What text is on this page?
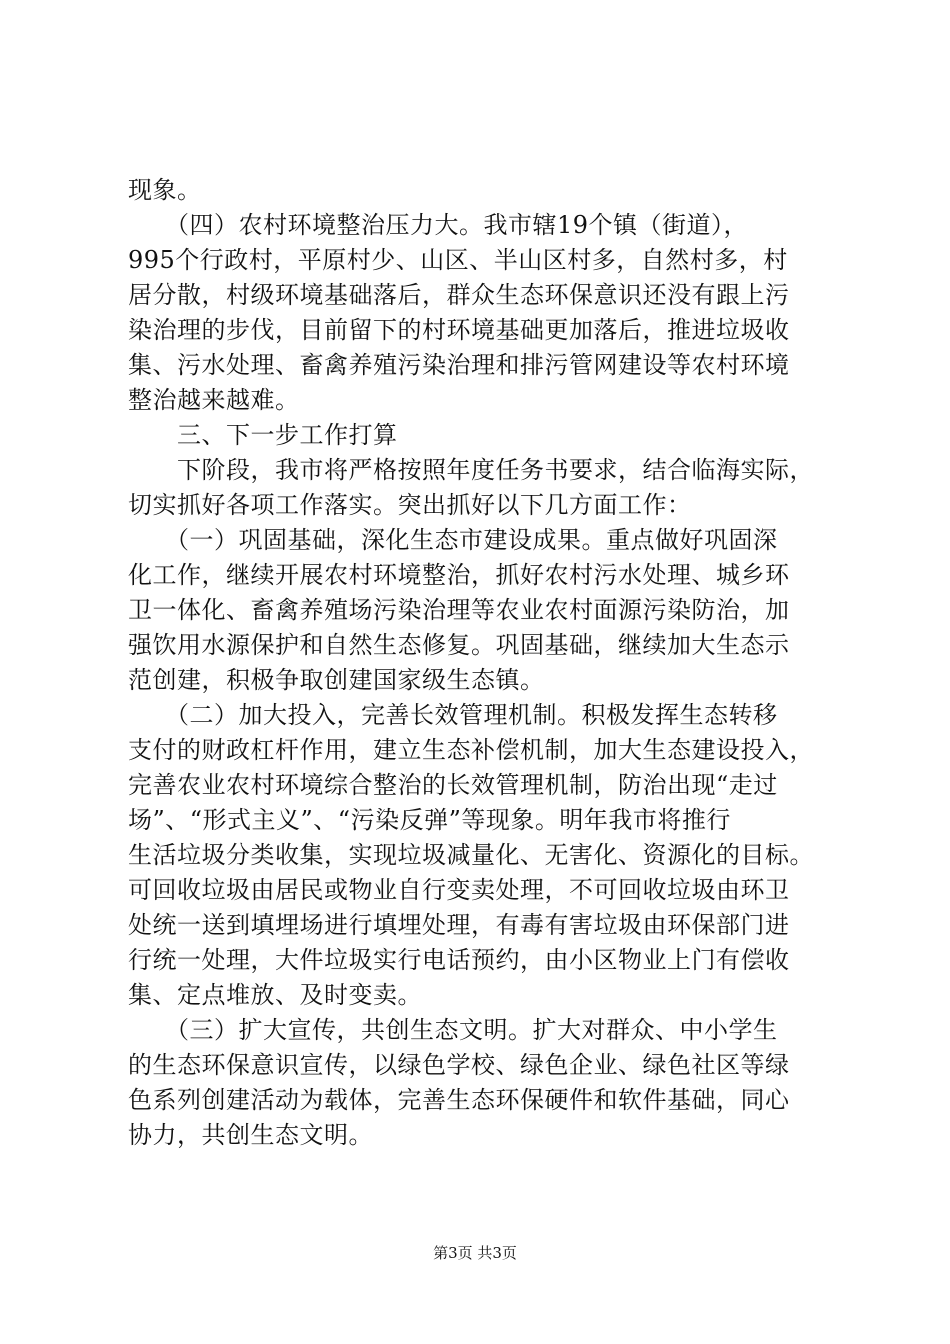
现象。
　　（四）农村环境整治压力大。我市辖19个镇（街道），
995个行政村，平原村少、山区、半山区村多，自然村多，村
居分散，村级环境基础落后，群众生态环保意识还没有跟上污
染治理的步伐，目前留下的村环境基础更加落后，推进垃圾收
集、污水处理、畜禽养殖污染治理和排污管网建设等农村环境
整治越来越难。
　　三、下一步工作打算
　　下阶段，我市将严格按照年度任务书要求，结合临海实际，
切实抓好各项工作落实。突出抓好以下几方面工作：
　　（一）巩固基础，深化生态市建设成果。重点做好巩固深
化工作，继续开展农村环境整治，抓好农村污水处理、城乡环
卫一体化、畜禽养殖场污染治理等农业农村面源污染防治，加
强饮用水源保护和自然生态修复。巩固基础，继续加大生态示
范创建，积极争取创建国家级生态镇。
　　（二）加大投入，完善长效管理机制。积极发挥生态转移
支付的财政杠杆作用，建立生态补偿机制，加大生态建设投入，
完善农业农村环境综合整治的长效管理机制，防治出现“走过
场”、“形式主义”、“污染反弹”等现象。明年我市将推行
生活垃圾分类收集，实现垃圾减量化、无害化、资源化的目标。
可回收垃圾由居民或物业自行变卖处理，不可回收垃圾由环卫
处统一送到填埋场进行填埋处理，有毒有害垃圾由环保部门进
行统一处理，大件垃圾实行电话预约，由小区物业上门有偿收
集、定点堆放、及时变卖。
　　（三）扩大宣传，共创生态文明。扩大对群众、中小学生
的生态环保意识宣传，以绿色学校、绿色企业、绿色社区等绿
色系列创建活动为载体，完善生态环保硬件和软件基础，同心
协力，共创生态文明。
第3页 共3页
